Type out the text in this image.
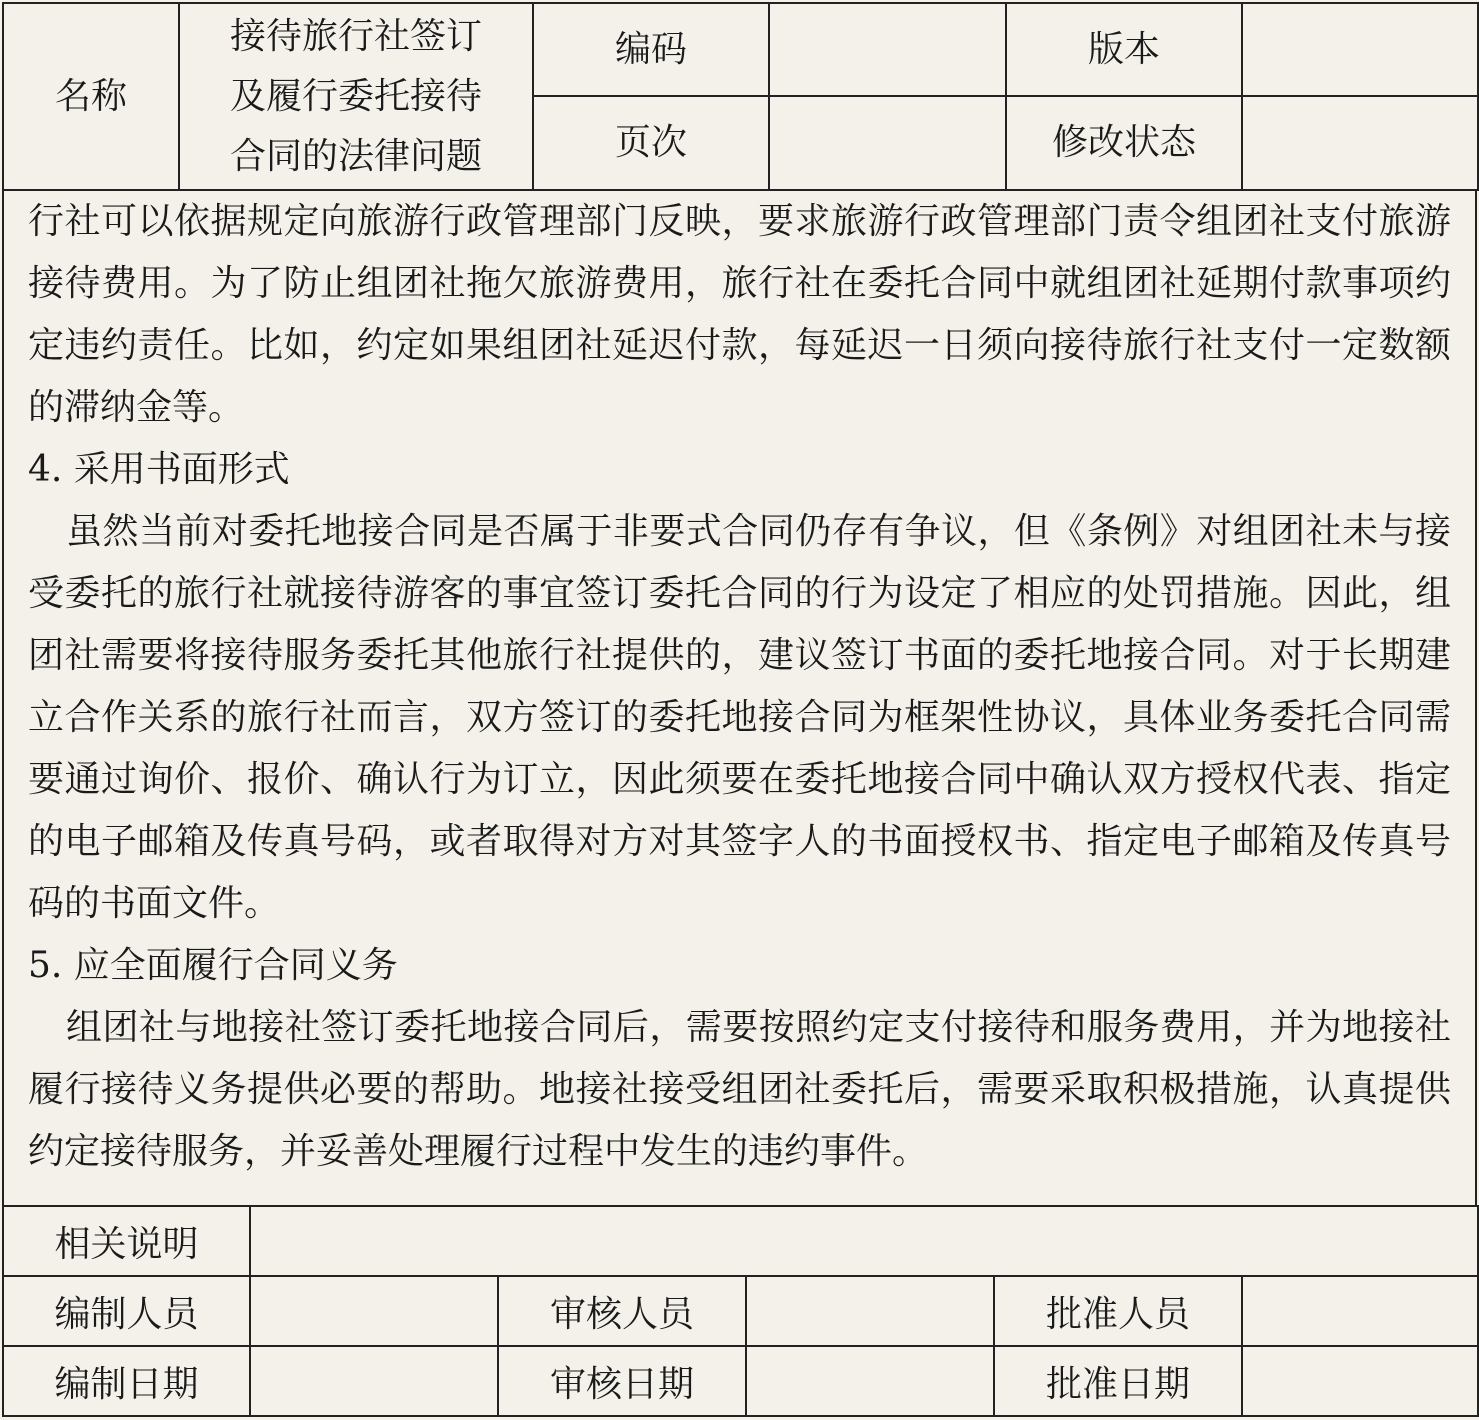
名称	接待旅行社签订
及履行委托接待
合同的法律问题	编码		版本	
		页次		修改状态	

行社可以依据规定向旅游行政管理部门反映，要求旅游行政管理部门责令组团社支付旅游接待费用。为了防止组团社拖欠旅游费用，旅行社在委托合同中就组团社延期付款事项约定违约责任。比如，约定如果组团社延迟付款，每延迟一日须向接待旅行社支付一定数额的滞纳金等。

4. 采用书面形式

虽然当前对委托地接合同是否属于非要式合同仍存有争议，但《条例》对组团社未与接受委托的旅行社就接待游客的事宜签订委托合同的行为设定了相应的处罚措施。因此，组团社需要将接待服务委托其他旅行社提供的，建议签订书面的委托地接合同。对于长期建立合作关系的旅行社而言，双方签订的委托地接合同为框架性协议，具体业务委托合同需要通过询价、报价、确认行为订立，因此须要在委托地接合同中确认双方授权代表、指定的电子邮箱及传真号码，或者取得对方对其签字人的书面授权书、指定电子邮箱及传真号码的书面文件。

5. 应全面履行合同义务

组团社与地接社签订委托地接合同后，需要按照约定支付接待和服务费用，并为地接社履行接待义务提供必要的帮助。地接社接受组团社委托后，需要采取积极措施，认真提供约定接待服务，并妥善处理履行过程中发生的违约事件。

相关说明					
编制人员		审核人员		批准人员	
编制日期		审核日期		批准日期	
